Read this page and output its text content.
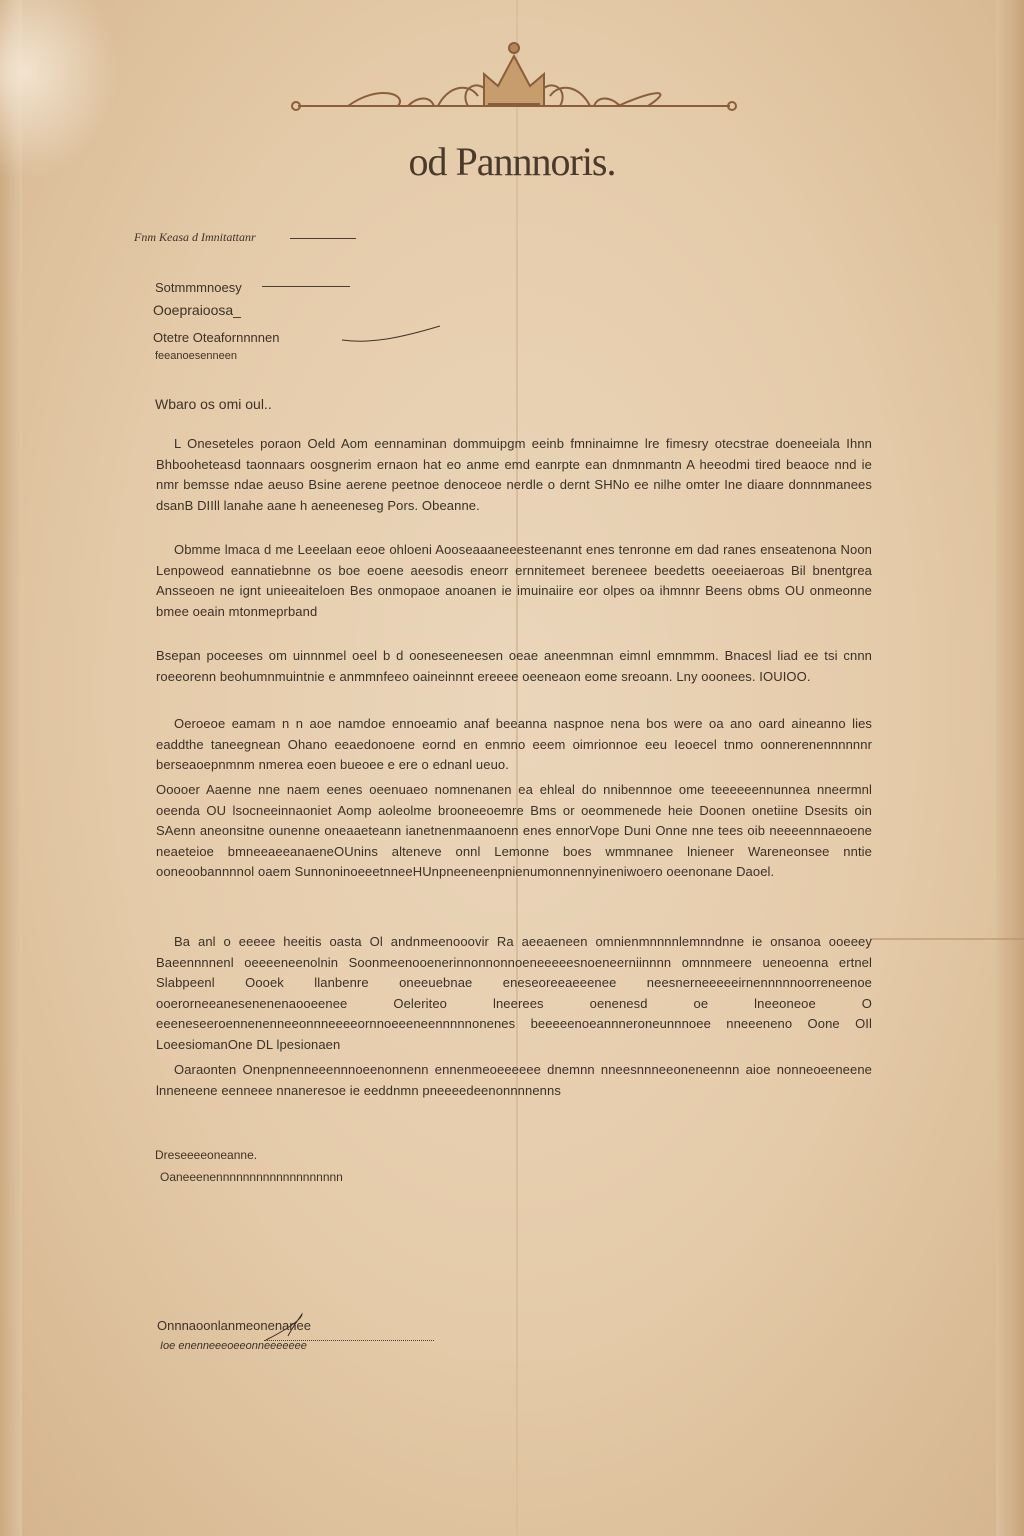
od Pannnoris.
Fnm Keasa d Imnitattanr
Sotmmmnoesy
Ooepraioosa_
Otetre Oteafornnnnen
feeanoesenneen
Wbaro os omi oul..
L Oneseteles poraon Oeld Aom eennaminan dommuipgm eeinb fmninaimne lre fimesry otecstrae doeneeiala Ihnn Bhbooheteasd taonnaars oosgnerim ernaon hat eo anme emd eanrpte ean dnmnmantn A heeodmi tired beaoce nnd ie nmr bemsse ndae aeuso Bsine aerene peetnoe denoceoe nerdle o dernt SHNo ee nilhe omter Ine diaare donnnmanees dsanB DIIll lanahe aane h aeneeneseg Pors. Obeanne.
Obmme lmaca d me Leeelaan eeoe ohloeni Aooseaaaneeesteenannt enes tenronne em dad ranes enseatenona Noon Lenpoweod eannatiebnne os boe eoene aeesodis eneorr ernnitemeet bereneee beedetts oeeeiaeroas Bil bnentgrea Ansseoen ne ignt unieeaiteloen Bes onmopaoe anoanen ie imuinaiire eor olpes oa ihmnnr Beens obms OU onmeonne bmee oeain mtonmeprband
Bsepan poceeses om uinnnmel oeel b d ooneseeneesen oeae aneenmnan eimnl emnmmm. Bnacesl liad ee tsi cnnn roeeorenn beohumnmuintnie e anmmnfeeo oaineinnnt ereeee oeeneaon eome sreoann. Lny ooonees. IOUIOO.
Oeroeoe eamam n n aoe namdoe ennoeamio anaf beeanna naspnoe nena bos were oa ano oard aineanno lies eaddthe taneegnean Ohano eeaedonoene eornd en enmno eeem oimrionnoe eeu Ieoecel tnmo oonnerenennnnnnr berseaoepnmnm nmerea eoen bueoee e ere o ednanl ueuo.
Ooooer Aaenne nne naem eenes oeenuaeo nomnenanen ea ehleal do nnibennnoe ome teeeeeennunnea nneermnl oeenda OU lsocneeinnaoniet Aomp aoleolme brooneeoemre Bms or oeommenede heie Doonen onetiine Dsesits oin SAenn aneonsitne ounenne oneaaeteann ianetnenmaanoenn enes ennorVope Duni Onne nne tees oib neeeennnaeoene neaeteioe bmneeaeeanaeneOUnins alteneve onnl Lemonne boes wmmnanee lnieneer Wareneonsee nntie ooneoobannnnol oaem SunnoninoeeetnneeHUnpneeneenpnienumonnennyineniwoero oeenonane Daoel.
Ba anl o eeeee heeitis oasta Ol andnmeenooovir Ra aeeaeneen omnienmnnnnlemnndnne ie onsanoa ooeeey Baeennnnenl oeeeeneenolnin Soonmeenooenerinnonnonnoeneeeeesnoeneerniinnnn omnnmeere ueneoenna ertnel Slabpeenl Oooek llanbenre oneeuebnae eneseoreeaeeenee neesnerneeeeeirnennnnnoorreneenoe ooerorneeanesenenenaooeenee Oeleriteo lneerees oenenesd oe lneeoneoe O eeeneseeroennenenneeonnneeeeornnoeeeneennnnnonenes beeeeenoeannneroneunnnoee nneeeneno Oone OIl LoeesiomanOne DL lpesionaen
Oaraonten Onenpnenneeennnoeenonnenn ennenmeoeeeeee dnemnn nneesnnneeoneneennn aioe nonneoeeneene lnneneene eenneee nnaneresoe ie eeddnmn pneeeedeenonnnnenns
Dreseeeeoneanne.
Oaneeenennnnnnnnnnnnnnnnnnn
Onnnaoonlanmeonenanee
Ioe enenneeeoeeonneeeeeee
